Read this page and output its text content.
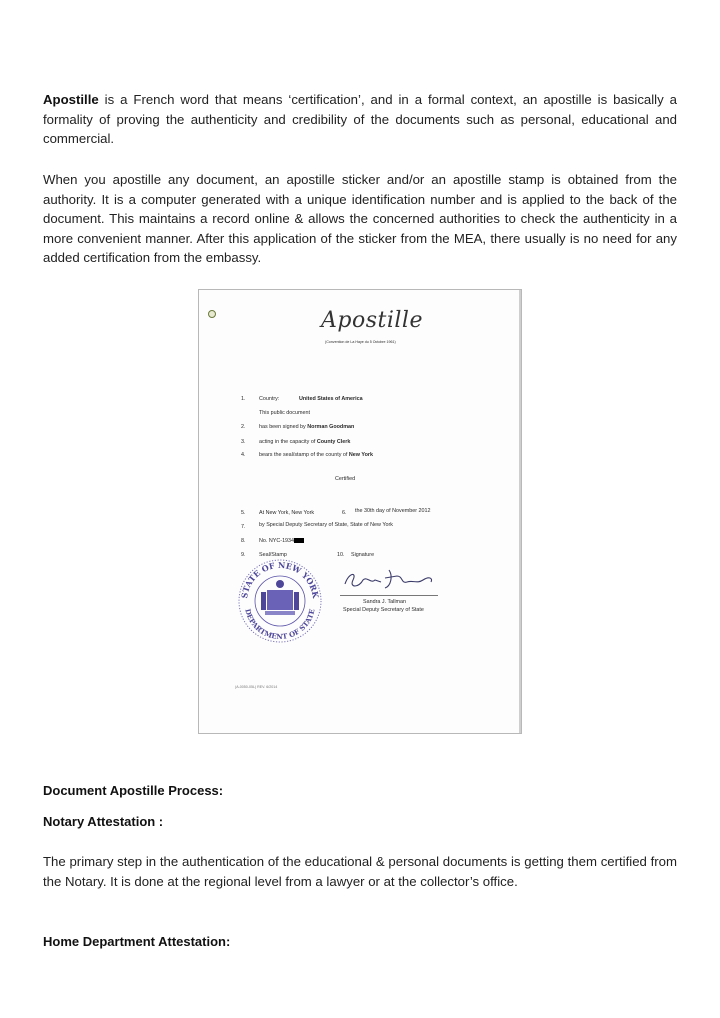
Apostille is a French word that means ‘certification’, and in a formal context, an apostille is basically a formality of proving the authenticity and credibility of the documents such as personal, educational and commercial.

When you apostille any document, an apostille sticker and/or an apostille stamp is obtained from the authority. It is a computer generated with a unique identification number and is applied to the back of the document. This maintains a record online & allows the concerned authorities to check the authenticity in a more convenient manner. After this application of the sticker from the MEA, there usually is no need for any added certification from the embassy.

Apostille
(Convention de La Haye du 5 Octobre 1961)
1.	Country:	United States of America
This public document
2.	has been signed by Norman Goodman
3.	acting in the capacity of County Clerk
4.	bears the seal/stamp of the county of New York
Certified
5.	At New York, New York	6. the 30th day of November 2012
7.	by Special Deputy Secretary of State, State of New York
8.	No. NYC-1934
9.	Seal/Stamp	10. Signature
STATE OF NEW YORK
DEPARTMENT OF STATE
Sandra J. Tallman
Special Deputy Secretary of State
(A-0050-05L) REV. 6/2014
Document Apostille Process:
Notary Attestation :

The primary step in the authentication of the educational & personal documents is getting them certified from the Notary. It is done at the regional level from a lawyer or at the collector’s office.

Home Department Attestation:
